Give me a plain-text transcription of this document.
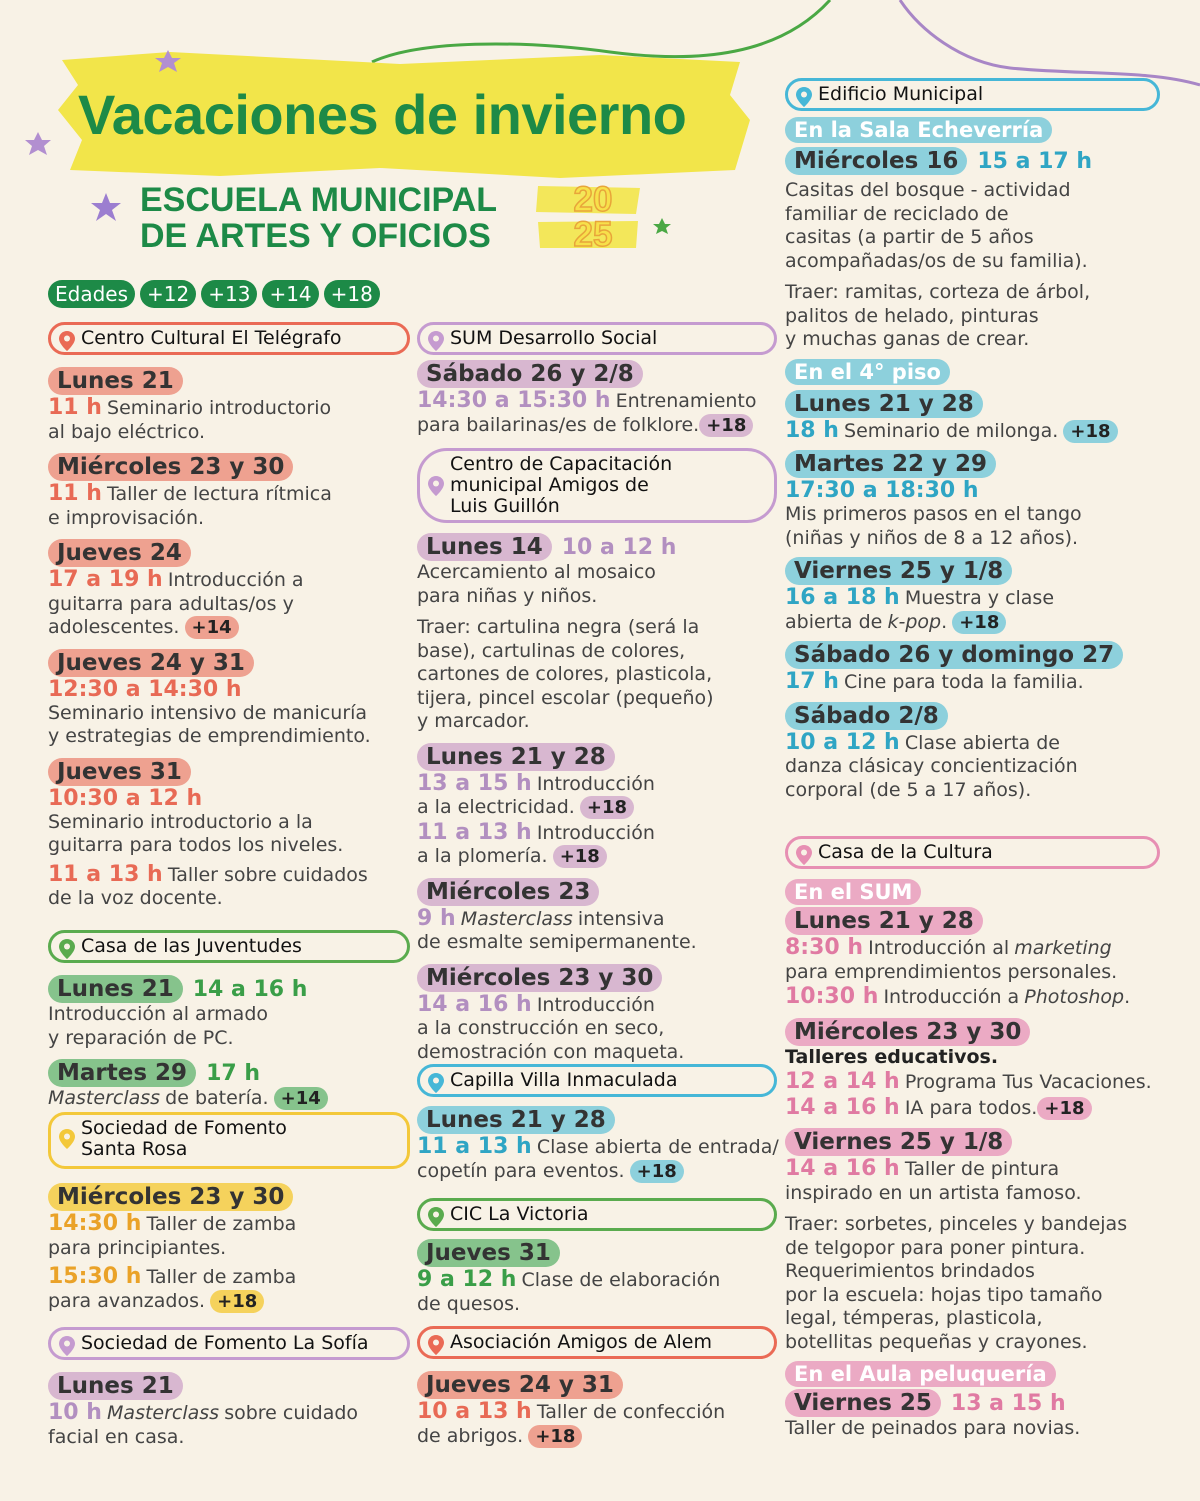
Vacaciones de invierno
ESCUELA MUNICIPAL
DE ARTES Y OFICIOS
20
25
Edades +12 +13 +14 +18
Centro Cultural El Telégrafo
Lunes 21
11 h Seminario introductorio
al bajo eléctrico.
Miércoles 23 y 30
11 h Taller de lectura rítmica
e improvisación.
Jueves 24
17 a 19 h Introducción a
guitarra para adultas/os y
adolescentes. +14
Jueves 24 y 31
12:30 a 14:30 h
Seminario intensivo de manicuría
y estrategias de emprendimiento.
Jueves 31
10:30 a 12 h
Seminario introductorio a la
guitarra para todos los niveles.
11 a 13 h Taller sobre cuidados
de la voz docente.
Casa de las Juventudes
Lunes 21 14 a 16 h
Introducción al armado
y reparación de PC.
Martes 29 17 h
Masterclass de batería. +14
Sociedad de Fomento
Santa Rosa
Miércoles 23 y 30
14:30 h Taller de zamba
para principiantes.
15:30 h Taller de zamba
para avanzados. +18
Sociedad de Fomento La Sofía
Lunes 21
10 h Masterclass sobre cuidado
facial en casa.
SUM Desarrollo Social
Sábado 26 y 2/8
14:30 a 15:30 h Entrenamiento
para bailarinas/es de folklore. +18
Centro de Capacitación
municipal Amigos de
Luis Guillón
Lunes 14 10 a 12 h
Acercamiento al mosaico
para niñas y niños.
Traer: cartulina negra (será la
base), cartulinas de colores,
cartones de colores, plasticola,
tijera, pincel escolar (pequeño)
y marcador.
Lunes 21 y 28
13 a 15 h Introducción
a la electricidad. +18
11 a 13 h Introducción
a la plomería. +18
Miércoles 23
9 h Masterclass intensiva
de esmalte semipermanente.
Miércoles 23 y 30
14 a 16 h Introducción
a la construcción en seco,
demostración con maqueta.
Capilla Villa Inmaculada
Lunes 21 y 28
11 a 13 h Clase abierta de entrada/
copetín para eventos. +18
CIC La Victoria
Jueves 31
9 a 12 h Clase de elaboración
de quesos.
Asociación Amigos de Alem
Jueves 24 y 31
10 a 13 h Taller de confección
de abrigos. +18
Edificio Municipal
En la Sala Echeverría
Miércoles 16 15 a 17 h
Casitas del bosque - actividad
familiar de reciclado de
casitas (a partir de 5 años
acompañadas/os de su familia).
Traer: ramitas, corteza de árbol,
palitos de helado, pinturas
y muchas ganas de crear.
En el 4° piso
Lunes 21 y 28
18 h Seminario de milonga. +18
Martes 22 y 29
17:30 a 18:30 h
Mis primeros pasos en el tango
(niñas y niños de 8 a 12 años).
Viernes 25 y 1/8
16 a 18 h Muestra y clase
abierta de k-pop. +18
Sábado 26 y domingo 27
17 h Cine para toda la familia.
Sábado 2/8
10 a 12 h Clase abierta de
danza clásicay concientización
corporal (de 5 a 17 años).
Casa de la Cultura
En el SUM
Lunes 21 y 28
8:30 h Introducción al marketing
para emprendimientos personales.
10:30 h Introducción a Photoshop.
Miércoles 23 y 30
Talleres educativos.
12 a 14 h Programa Tus Vacaciones.
14 a 16 h IA para todos. +18
Viernes 25 y 1/8
14 a 16 h Taller de pintura
inspirado en un artista famoso.
Traer: sorbetes, pinceles y bandejas
de telgopor para poner pintura.
Requerimientos brindados
por la escuela: hojas tipo tamaño
legal, témperas, plasticola,
botellitas pequeñas y crayones.
En el Aula peluquería
Viernes 25 13 a 15 h
Taller de peinados para novias.
